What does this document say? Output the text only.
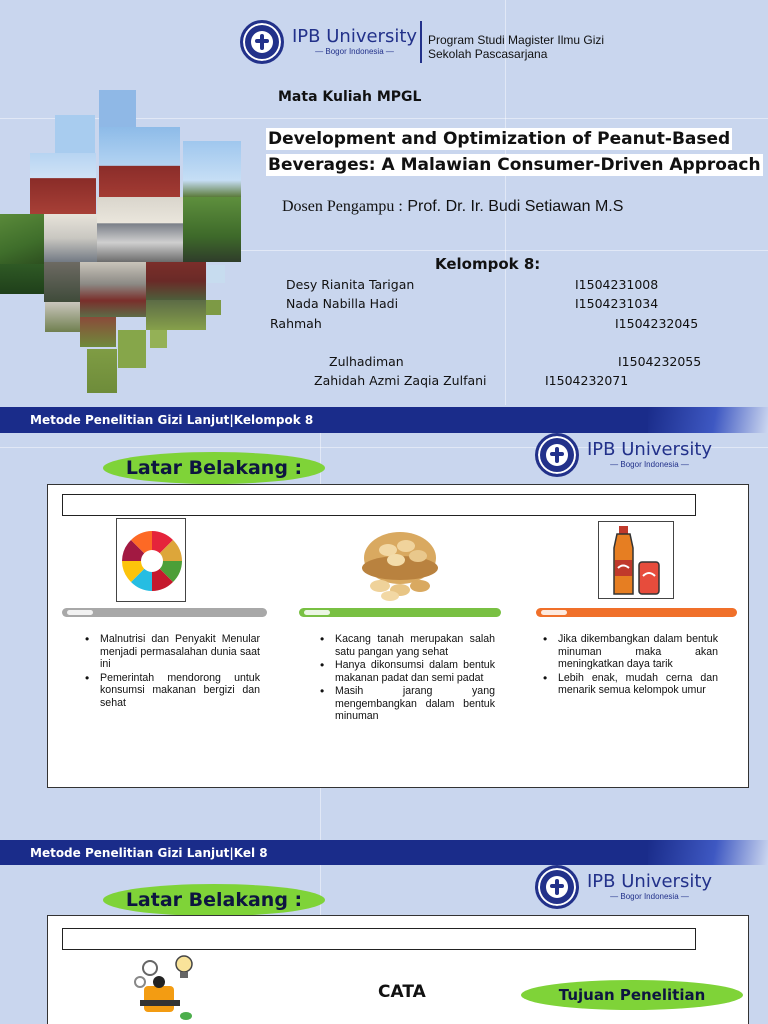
IPB University
— Bogor Indonesia —
Program Studi Magister Ilmu Gizi
Sekolah Pascasarjana
Mata Kuliah MPGL
Development and Optimization of Peanut-Based
Beverages: A Malawian Consumer-Driven Approach
Dosen Pengampu : Prof. Dr. Ir. Budi Setiawan M.S
Kelompok 8:
Desy Rianita Tarigan	I1504231008
Nada Nabilla Hadi	I1504231034
Rahmah	I1504232045
Zulhadiman	I1504232055
Zahidah Azmi Zaqia Zulfani	I1504232071
Metode Penelitian Gizi Lanjut|Kelompok 8
Latar Belakang :
IPB University
— Bogor Indonesia —
• Malnutrisi dan Penyakit Menular menjadi permasalahan dunia saat ini
• Pemerintah mendorong untuk konsumsi makanan bergizi dan sehat
• Kacang tanah merupakan salah satu pangan yang sehat
• Hanya dikonsumsi dalam bentuk makanan padat dan semi padat
• Masih jarang yang mengembangkan dalam bentuk minuman
• Jika dikembangkan dalam bentuk minuman maka akan meningkatkan daya tarik
• Lebih enak, mudah cerna dan menarik semua kelompok umur
Metode Penelitian Gizi Lanjut|Kel 8
Latar Belakang :
IPB University
— Bogor Indonesia —
CATA	Tujuan Penelitian
